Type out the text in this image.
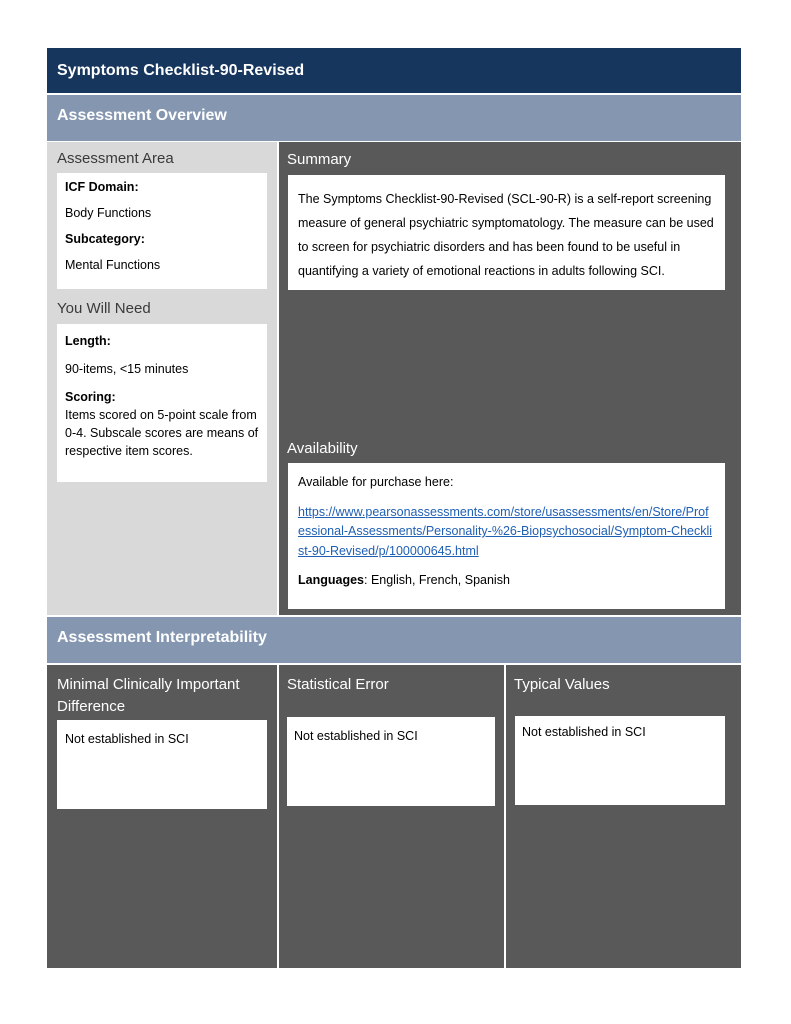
Symptoms Checklist-90-Revised
Assessment Overview
Assessment Area

ICF Domain:

Body Functions

Subcategory:

Mental Functions

You Will Need

Length:

90-items, <15 minutes

Scoring:

Items scored on 5-point scale from 0-4. Subscale scores are means of respective item scores.

Summary

The Symptoms Checklist-90-Revised (SCL-90-R) is a self-report screening measure of general psychiatric symptomatology. The measure can be used to screen for psychiatric disorders and has been found to be useful in quantifying a variety of emotional reactions in adults following SCI.

Availability

Available for purchase here:

https://www.pearsonassessments.com/store/usassessments/en/Store/Professional-Assessments/Personality-%26-Biopsychosocial/Symptom-Checklist-90-Revised/p/100000645.html

Languages: English, French, Spanish

Assessment Interpretability
Minimal Clinically Important Difference

Not established in SCI

Statistical Error

Not established in SCI

Typical Values

Not established in SCI
